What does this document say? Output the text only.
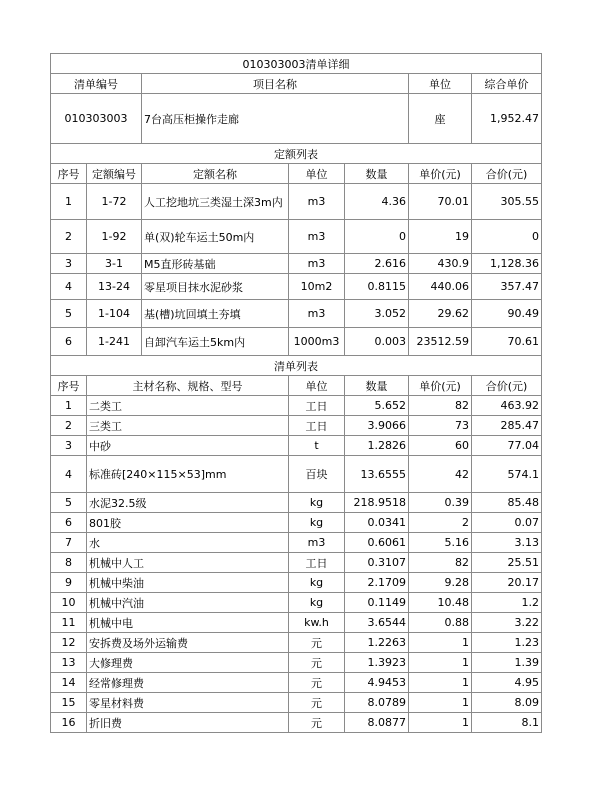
010303003清单详细						
清单编号		项目名称			单位	综合单价
010303003		7台高压柜操作走廊			座	1,952.47
定额列表						
序号	定额编号	定额名称	单位	数量	单价(元)	合价(元)
1	1-72	人工挖地坑三类湿土深3m内	m3	4.36	70.01	305.55
2	1-92	单(双)轮车运土50m内	m3	0	19	0
3	3-1	M5直形砖基础	m3	2.616	430.9	1,128.36
4	13-24	零星项目抹水泥砂浆	10m2	0.8115	440.06	357.47
5	1-104	基(槽)坑回填土夯填	m3	3.052	29.62	90.49
6	1-241	自卸汽车运土5km内	1000m3	0.003	23512.59	70.61
清单列表						
序号	主材名称、规格、型号		单位	数量	单价(元)	合价(元)
1	二类工		工日	5.652	82	463.92
2	三类工		工日	3.9066	73	285.47
3	中砂		t	1.2826	60	77.04
4	标准砖[240×115×53]mm		百块	13.6555	42	574.1
5	水泥32.5级		kg	218.9518	0.39	85.48
6	801胶		kg	0.0341	2	0.07
7	水		m3	0.6061	5.16	3.13
8	机械中人工		工日	0.3107	82	25.51
9	机械中柴油		kg	2.1709	9.28	20.17
10	机械中汽油		kg	0.1149	10.48	1.2
11	机械中电		kw.h	3.6544	0.88	3.22
12	安拆费及场外运输费		元	1.2263	1	1.23
13	大修理费		元	1.3923	1	1.39
14	经常修理费		元	4.9453	1	4.95
15	零星材料费		元	8.0789	1	8.09
16	折旧费		元	8.0877	1	8.1
